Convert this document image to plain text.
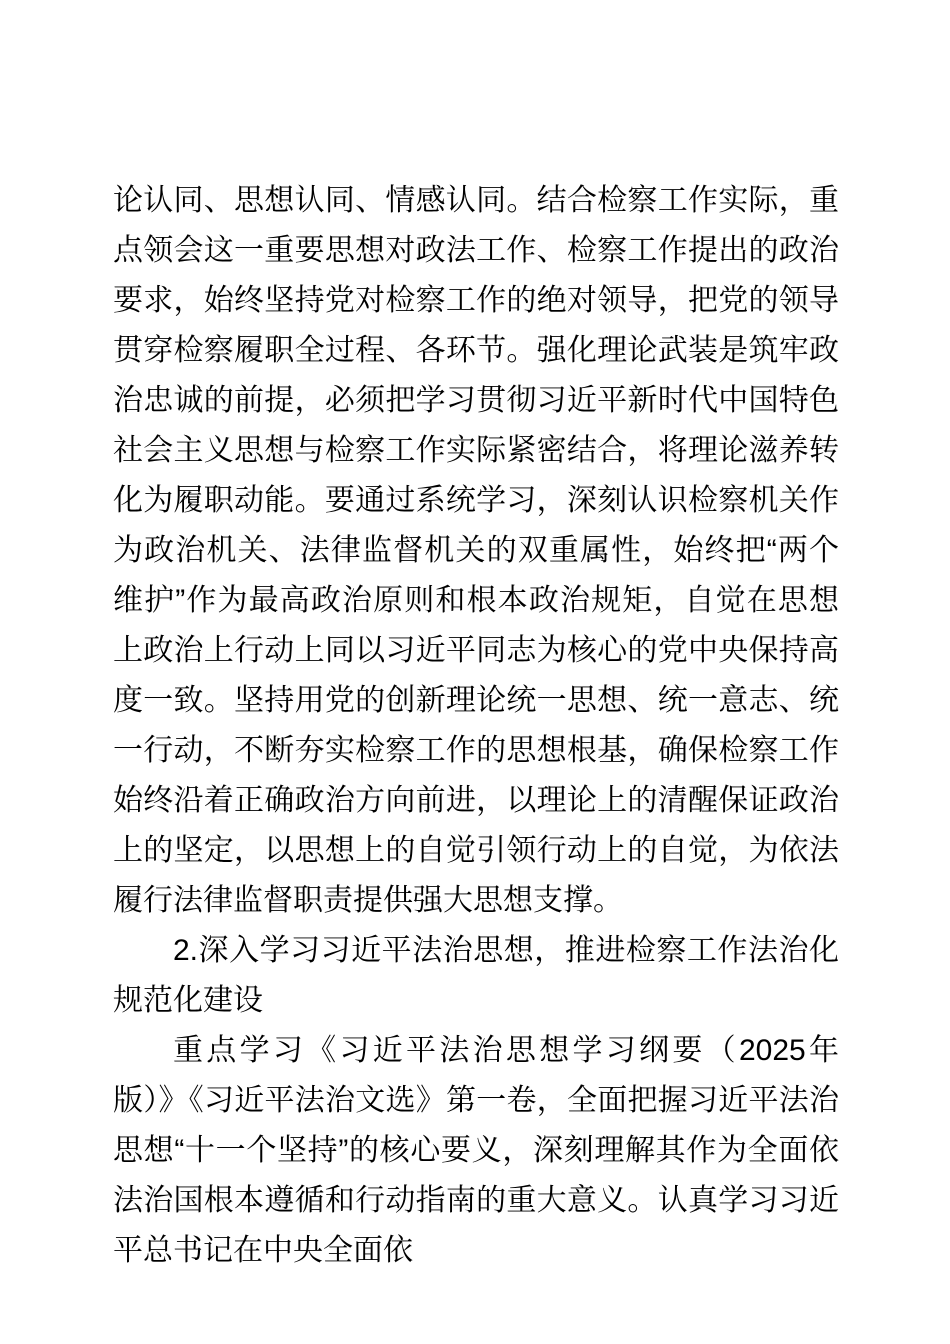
论认同、思想认同、情感认同。结合检察工作实际，重点领会这一重要思想对政法工作、检察工作提出的政治要求，始终坚持党对检察工作的绝对领导，把党的领导贯穿检察履职全过程、各环节。强化理论武装是筑牢政治忠诚的前提，必须把学习贯彻习近平新时代中国特色社会主义思想与检察工作实际紧密结合，将理论滋养转化为履职动能。要通过系统学习，深刻认识检察机关作为政治机关、法律监督机关的双重属性，始终把“两个维护”作为最高政治原则和根本政治规矩，自觉在思想上政治上行动上同以习近平同志为核心的党中央保持高度一致。坚持用党的创新理论统一思想、统一意志、统一行动，不断夯实检察工作的思想根基，确保检察工作始终沿着正确政治方向前进，以理论上的清醒保证政治上的坚定，以思想上的自觉引领行动上的自觉，为依法履行法律监督职责提供强大思想支撑。

2.深入学习习近平法治思想，推进检察工作法治化规范化建设

重点学习《习近平法治思想学习纲要（2025年版）》《习近平法治文选》第一卷，全面把握习近平法治思想“十一个坚持”的核心要义，深刻理解其作为全面依法治国根本遵循和行动指南的重大意义。认真学习习近平总书记在中央全面依
